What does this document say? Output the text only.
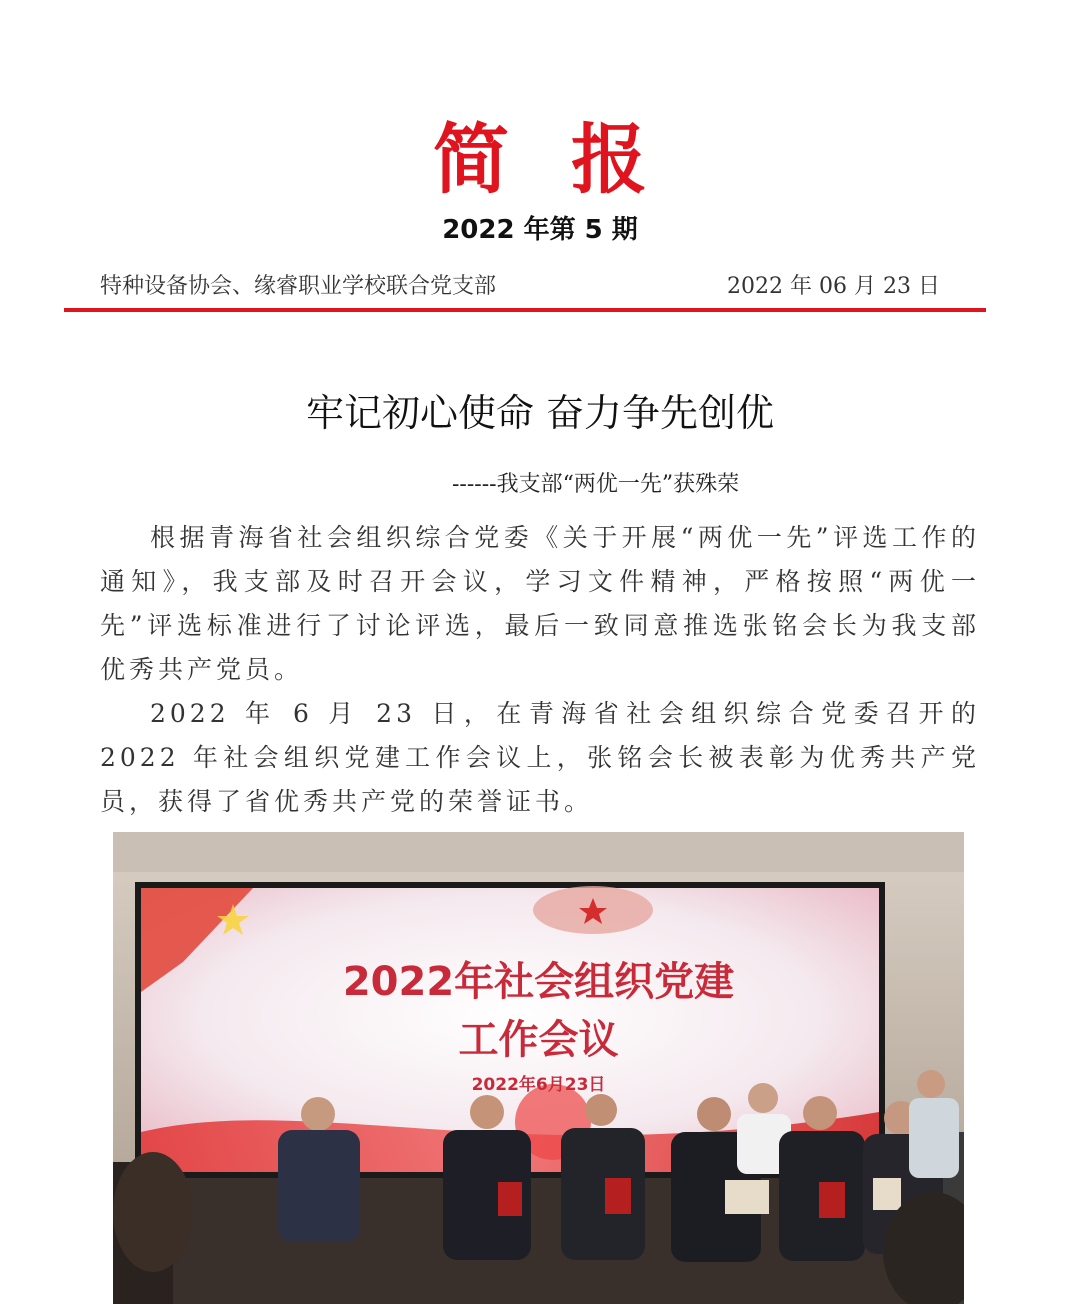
简报
2022 年第 5 期
特种设备协会、缘睿职业学校联合党支部	2022 年 06 月 23 日
牢记初心使命 奋力争先创优
------我支部“两优一先”获殊荣

根据青海省社会组织综合党委《关于开展“两优一先”评选工作的通知》，我支部及时召开会议，学习文件精神，严格按照“两优一先”评选标准进行了讨论评选，最后一致同意推选张铭会长为我支部优秀共产党员。

2022 年 6 月 23 日，在青海省社会组织综合党委召开的 2022 年社会组织党建工作会议上，张铭会长被表彰为优秀共产党员，获得了省优秀共产党的荣誉证书。

2022年社会组织党建
工作会议
2022年6月23日
